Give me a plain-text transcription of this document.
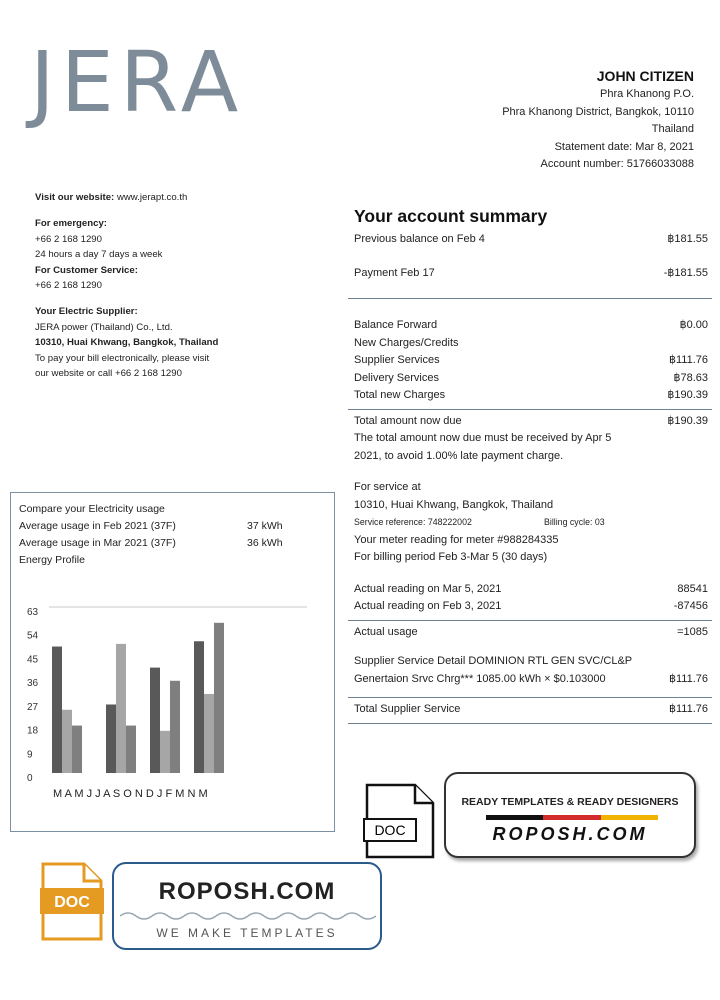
JERA	JOHN CITIZEN
Phra Khanong P.O.
Phra Khanong District, Bangkok, 10110
Thailand
Statement date: Mar 8, 2021
Account number: 51766033088
Visit our website: www.jerapt.co.th
For emergency:
+66 2 168 1290
24 hours a day 7 days a week
For Customer Service:
+66 2 168 1290
Your Electric Supplier:
JERA power (Thailand) Co., Ltd.
10310, Huai Khwang, Bangkok, Thailand
To pay your bill electronically, please visit
our website or call +66 2 168 1290
Your account summary
Previous balance on Feb 4	฿181.55
Payment Feb 17	-฿181.55
Balance Forward	฿0.00
New Charges/Credits
Supplier Services	฿111.76
Delivery Services	฿78.63
Total new Charges	฿190.39
Total amount now due	฿190.39
The total amount now due must be received by Apr 5
2021, to avoid 1.00% late payment charge.
For service at
10310, Huai Khwang, Bangkok, Thailand
Service reference: 748222002	Billing cycle: 03
Your meter reading for meter #988284335
For billing period Feb 3-Mar 5 (30 days)
Actual reading on Mar 5, 2021	88541
Actual reading on Feb 3, 2021	-87456
Actual usage	=1085
Supplier Service Detail DOMINION RTL GEN SVC/CL&P
Genertaion Srvc Chrg*** 1085.00 kWh × $0.103000	฿111.76
Total Supplier Service	฿111.76
Compare your Electricity usage
Average usage in Feb 2021 (37F)	37 kWh
Average usage in Mar 2021 (37F)	36 kWh
Energy Profile
0
9
18
27
36
45
54
63
M A M J J A S O N D J F M N M
DOC
READY TEMPLATES & READY DESIGNERS
ROPOSH.COM
DOC	ROPOSH.COM
WE MAKE TEMPLATES
